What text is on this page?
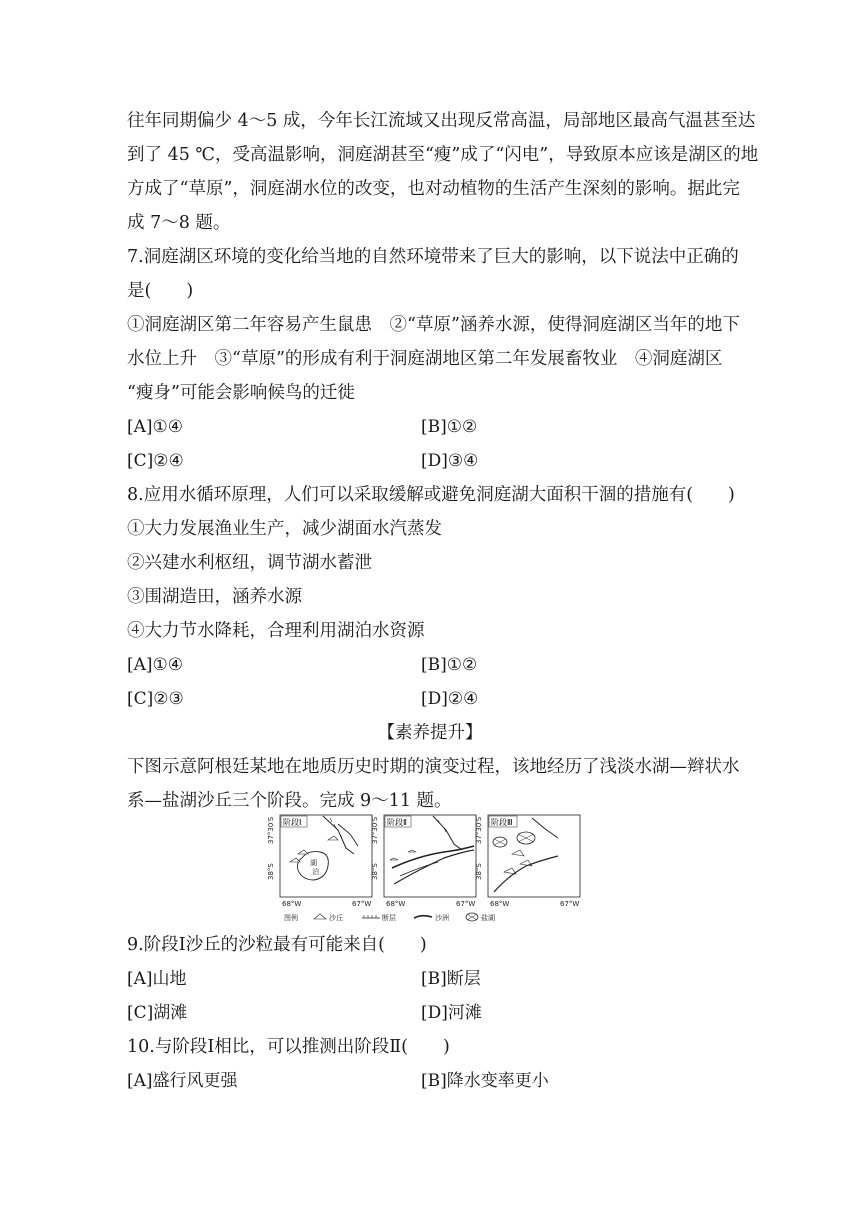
往年同期偏少 4～5 成，今年长江流域又出现反常高温，局部地区最高气温甚至达
到了 45 ℃，受高温影响，洞庭湖甚至“瘦”成了“闪电”，导致原本应该是湖区的地
方成了“草原”，洞庭湖水位的改变，也对动植物的生活产生深刻的影响。据此完
成 7～8 题。
7.洞庭湖区环境的变化给当地的自然环境带来了巨大的影响，以下说法中正确的
是(　　)
①洞庭湖区第二年容易产生鼠患　②“草原”涵养水源，使得洞庭湖区当年的地下
水位上升　③“草原”的形成有利于洞庭湖地区第二年发展畜牧业　④洞庭湖区
“瘦身”可能会影响候鸟的迁徙
[A]①④	[B]①②
[C]②④	[D]③④
8.应用水循环原理，人们可以采取缓解或避免洞庭湖大面积干涸的措施有(　　)
①大力发展渔业生产，减少湖面水汽蒸发
②兴建水利枢纽，调节湖水蓄泄
③围湖造田，涵养水源
④大力节水降耗，合理利用湖泊水资源
[A]①④	[B]①②
[C]②③	[D]②④
【素养提升】
下图示意阿根廷某地在地质历史时期的演变过程，该地经历了浅淡水湖—辫状水
系—盐湖沙丘三个阶段。完成 9～11 题。
阶段Ⅰ
湖
泊
阶段Ⅱ	阶段Ⅲ
37°30′S
38°S
37°30′S
38°S
37°30′S
38°S
68°W	67°W 68°W	67°W 68°W	67°W
图例	沙丘	断层	沙洲	盐湖
9.阶段Ⅰ沙丘的沙粒最有可能来自(　　)
[A]山地	[B]断层
[C]湖滩	[D]河滩
10.与阶段Ⅰ相比，可以推测出阶段Ⅱ(　　)
[A]盛行风更强	[B]降水变率更小
